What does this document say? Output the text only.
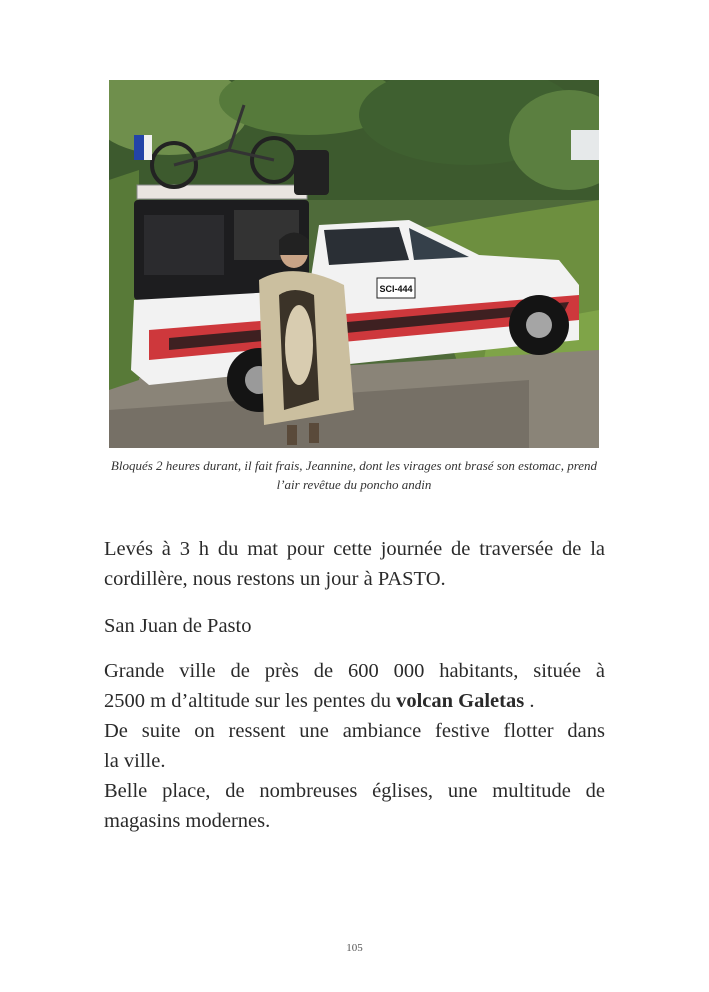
SCI-444
Bloqués 2 heures durant, il fait frais, Jeannine, dont les virages ont brasé son estomac, prend l’air revêtue du poncho andin

Levés à 3 h du mat pour cette journée de traversée de la cordillère, nous restons un jour à PASTO.

San Juan de Pasto

Grande ville de près de 600 000 habitants, située à
2500 m d’altitude sur les pentes du volcan Galetas .
De suite on ressent une ambiance festive flotter dans
la ville.
Belle place, de nombreuses églises, une multitude de
magasins modernes.
105
